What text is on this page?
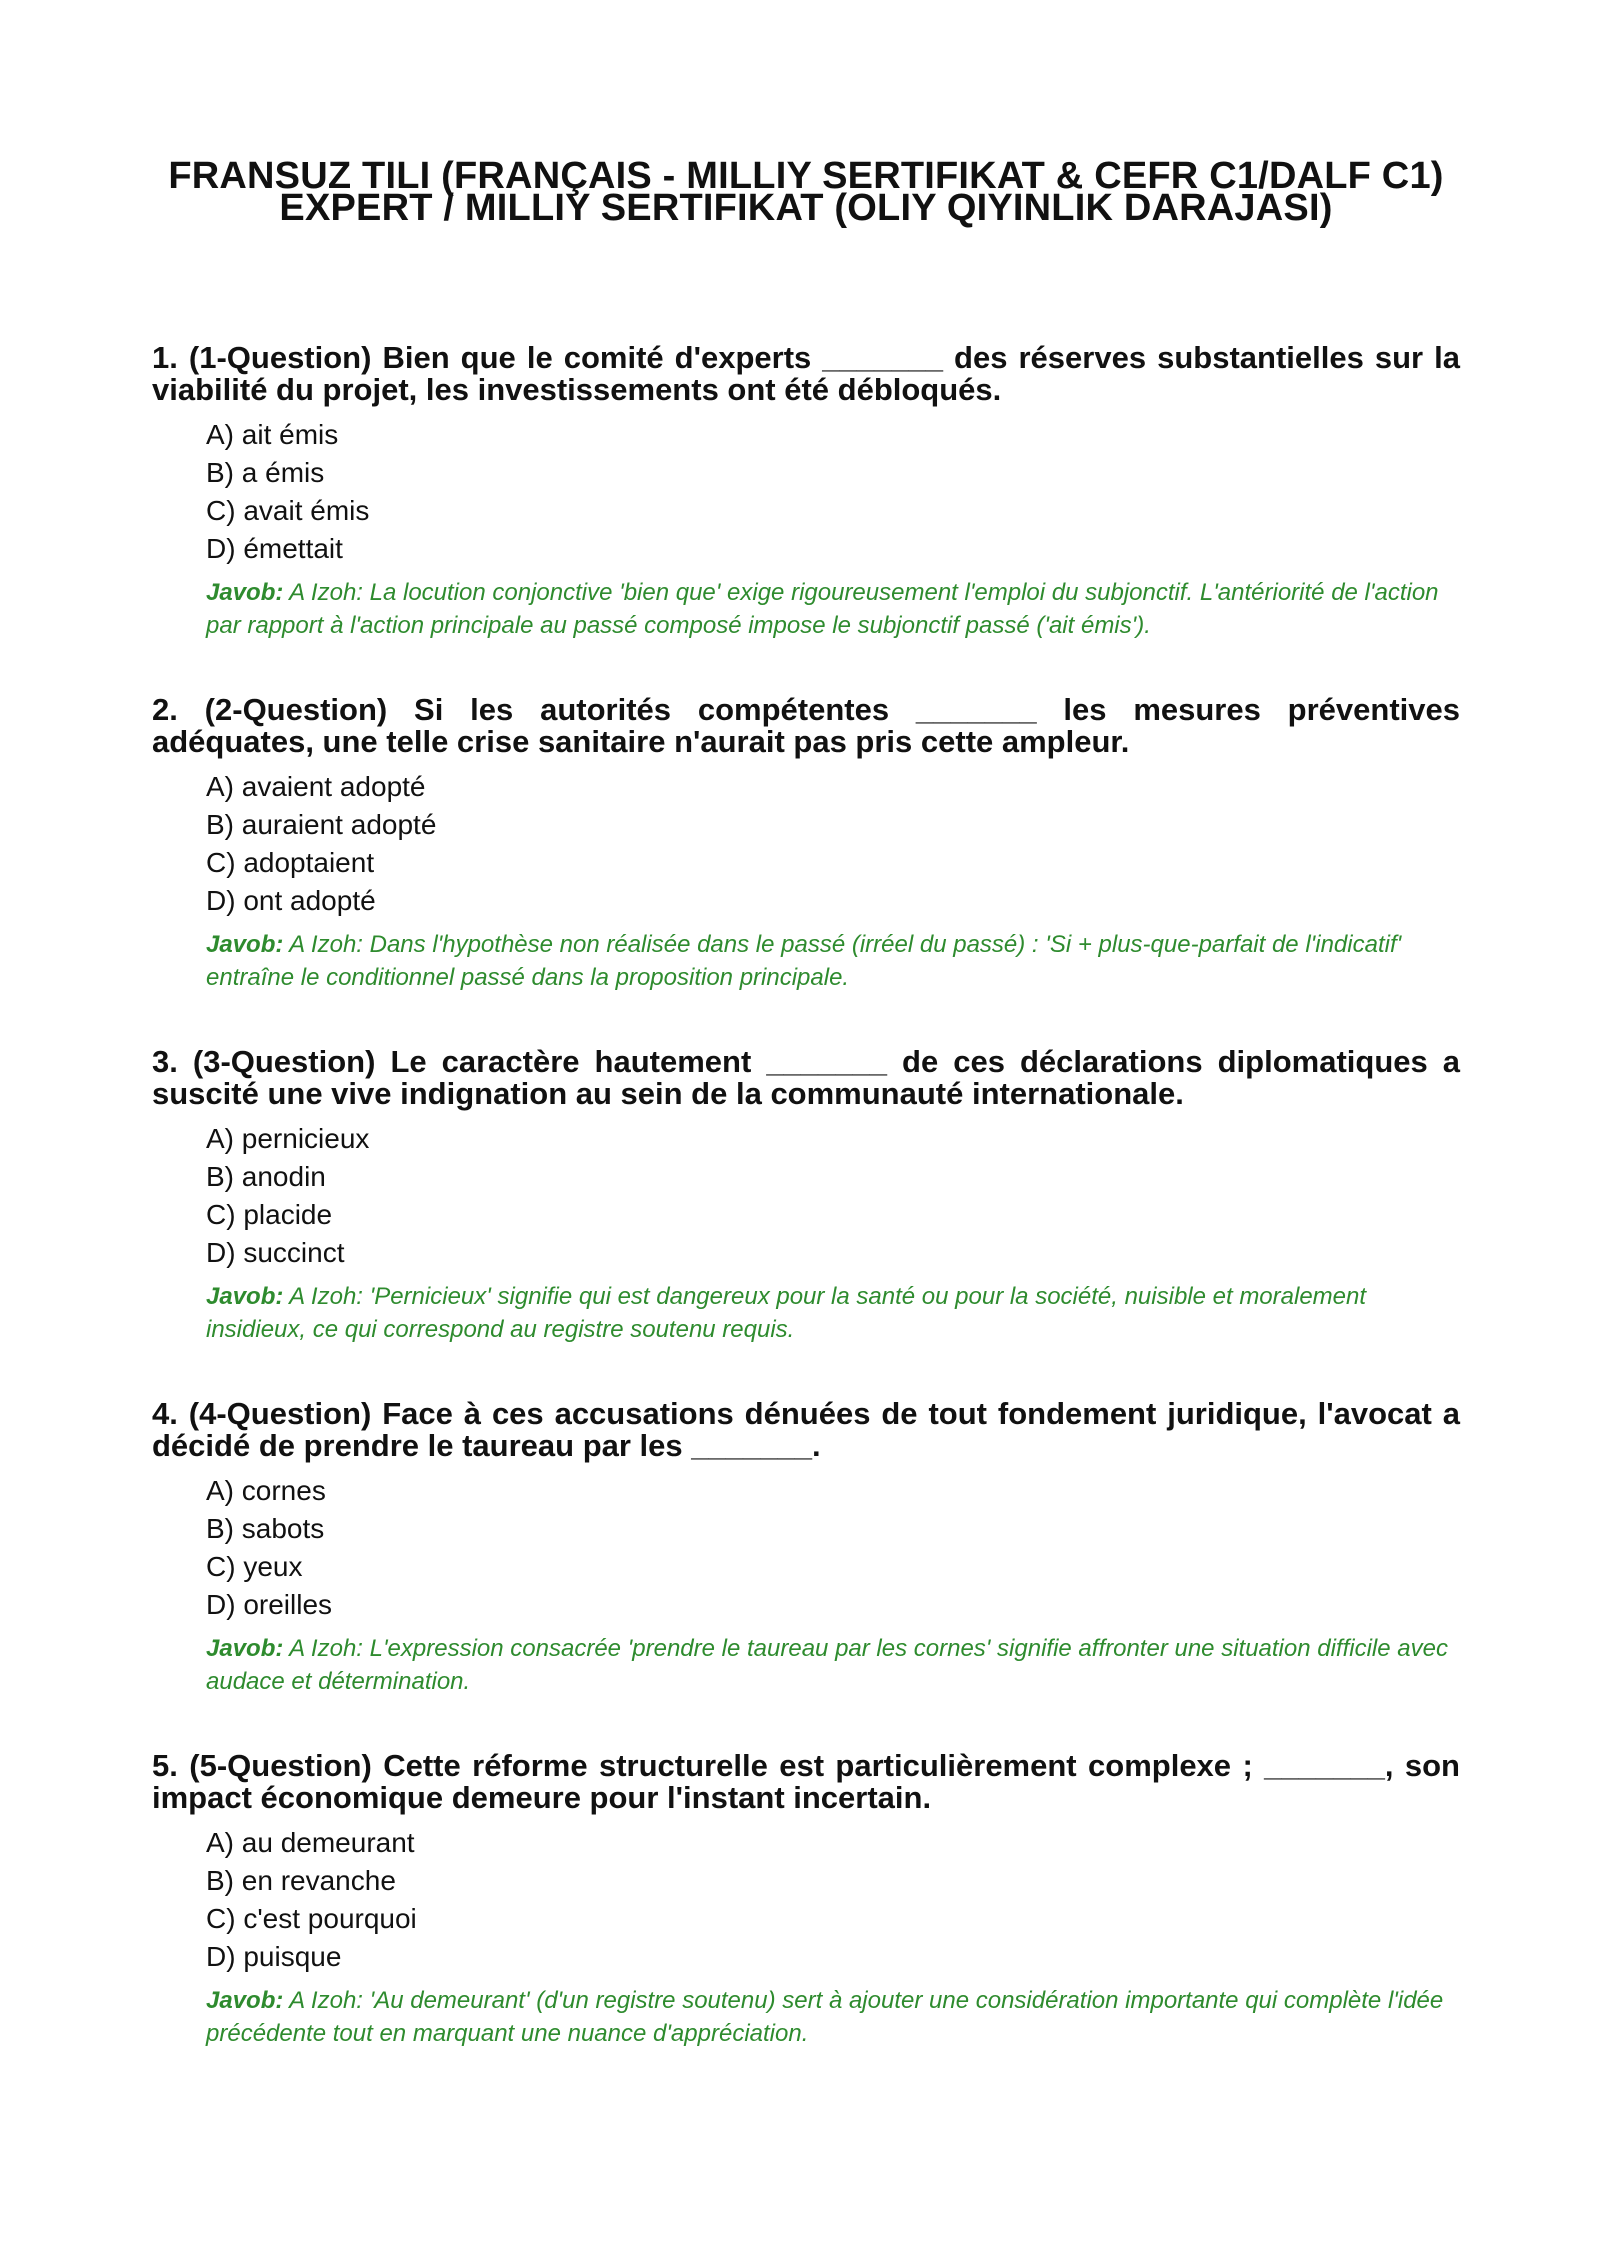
FRANSUZ TILI (FRANÇAIS - MILLIY SERTIFIKAT & CEFR C1/DALF C1) EXPERT / MILLIY SERTIFIKAT (OLIY QIYINLIK DARAJASI)

1. (1-Question) Bien que le comité d'experts _______ des réserves substantielles sur la viabilité du projet, les investissements ont été débloqués.

A) ait émis
B) a émis
C) avait émis
D) émettait

Javob: A Izoh: La locution conjonctive 'bien que' exige rigoureusement l'emploi du subjonctif. L'antériorité de l'action par rapport à l'action principale au passé composé impose le subjonctif passé ('ait émis').

2. (2-Question) Si les autorités compétentes _______ les mesures préventives adéquates, une telle crise sanitaire n'aurait pas pris cette ampleur.

A) avaient adopté
B) auraient adopté
C) adoptaient
D) ont adopté

Javob: A Izoh: Dans l'hypothèse non réalisée dans le passé (irréel du passé) : 'Si + plus-que-parfait de l'indicatif' entraîne le conditionnel passé dans la proposition principale.

3. (3-Question) Le caractère hautement _______ de ces déclarations diplomatiques a suscité une vive indignation au sein de la communauté internationale.

A) pernicieux
B) anodin
C) placide
D) succinct

Javob: A Izoh: 'Pernicieux' signifie qui est dangereux pour la santé ou pour la société, nuisible et moralement insidieux, ce qui correspond au registre soutenu requis.

4. (4-Question) Face à ces accusations dénuées de tout fondement juridique, l'avocat a décidé de prendre le taureau par les _______.

A) cornes
B) sabots
C) yeux
D) oreilles

Javob: A Izoh: L'expression consacrée 'prendre le taureau par les cornes' signifie affronter une situation difficile avec audace et détermination.

5. (5-Question) Cette réforme structurelle est particulièrement complexe ; _______, son impact économique demeure pour l'instant incertain.

A) au demeurant
B) en revanche
C) c'est pourquoi
D) puisque

Javob: A Izoh: 'Au demeurant' (d'un registre soutenu) sert à ajouter une considération importante qui complète l'idée précédente tout en marquant une nuance d'appréciation.
